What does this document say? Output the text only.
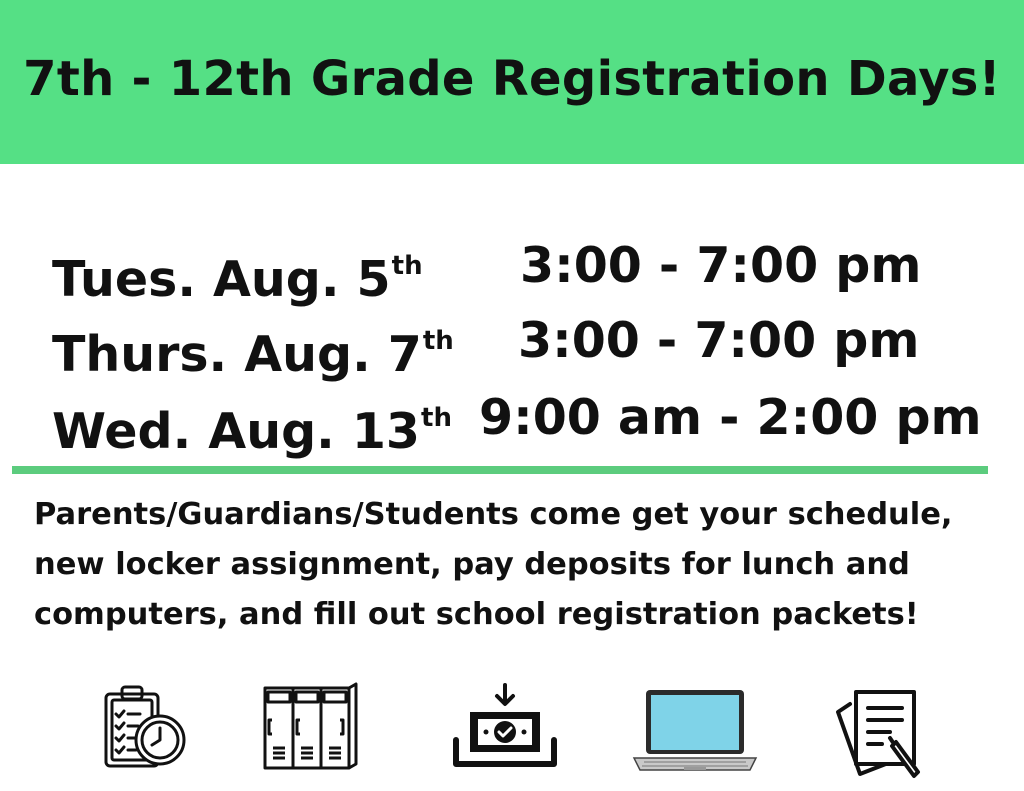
7th - 12th Grade Registration Days!
Tues. Aug. 5th 3:00 - 7:00 pm
Thurs. Aug. 7th 3:00 - 7:00 pm
Wed. Aug. 13th 9:00 am - 2:00 pm

Parents/Guardians/Students come get your schedule, new locker assignment, pay deposits for lunch and computers, and fill out school registration packets!
